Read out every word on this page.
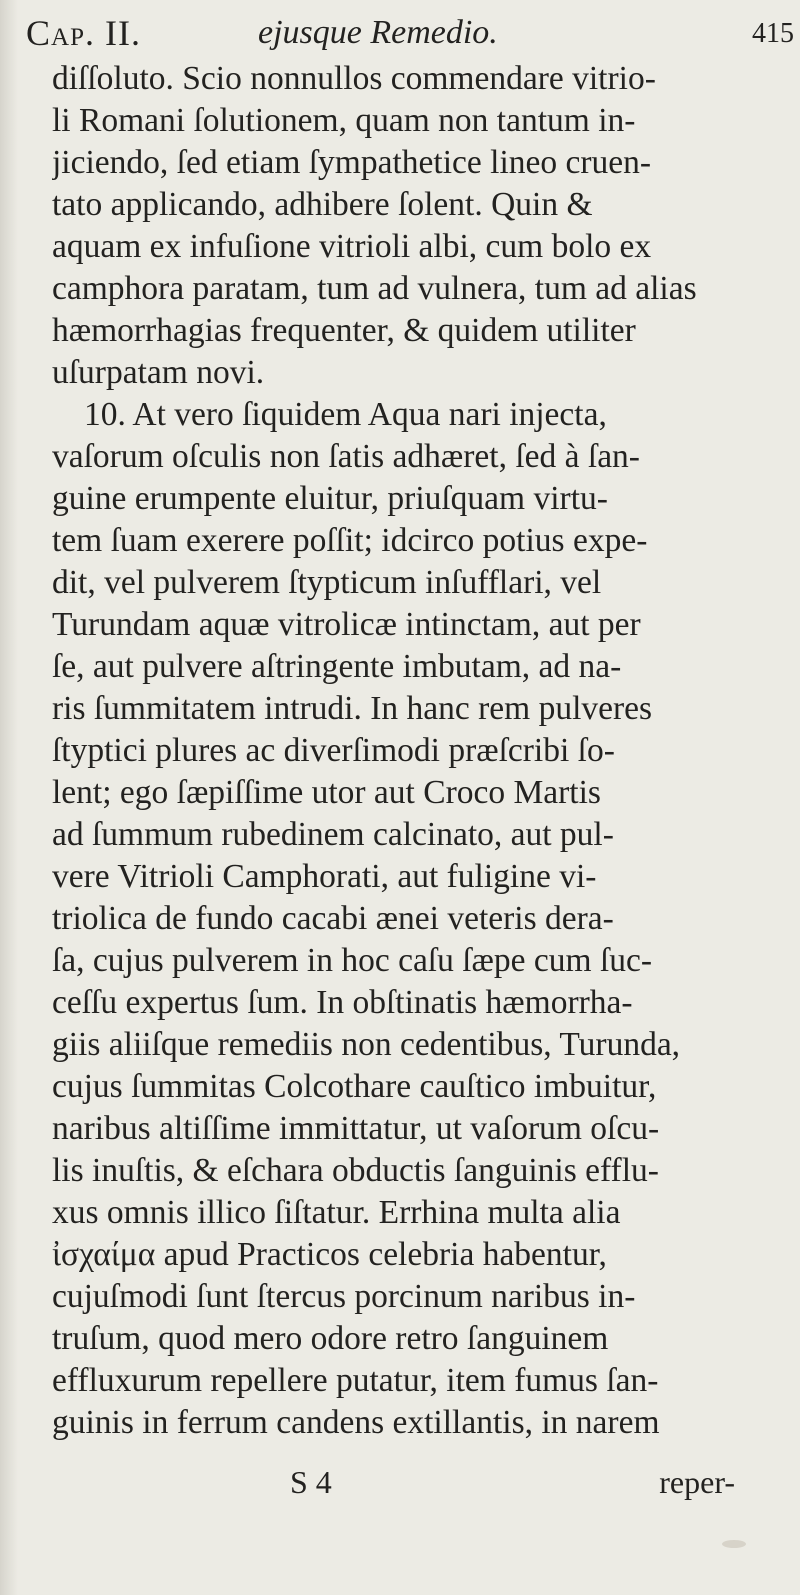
Cap. II.	ejusque Remedio.	415
diſſoluto. Scio nonnullos commendare vitrio-
li Romani ſolutionem, quam non tantum in-
jiciendo, ſed etiam ſympathetice lineo cruen-
tato applicando, adhibere ſolent. Quin &
aquam ex infuſione vitrioli albi, cum bolo ex
camphora paratam, tum ad vulnera, tum ad alias
hæmorrhagias frequenter, & quidem utiliter
uſurpatam novi.
10. At vero ſiquidem Aqua nari injecta,
vaſorum oſculis non ſatis adhæret, ſed à ſan-
guine erumpente eluitur, priuſquam virtu-
tem ſuam exerere poſſit; idcirco potius expe-
dit, vel pulverem ſtypticum inſufflari, vel
Turundam aquæ vitrolicæ intinctam, aut per
ſe, aut pulvere aſtringente imbutam, ad na-
ris ſummitatem intrudi. In hanc rem pulveres
ſtyptici plures ac diverſimodi præſcribi ſo-
lent; ego ſæpiſſime utor aut Croco Martis
ad ſummum rubedinem calcinato, aut pul-
vere Vitrioli Camphorati, aut fuligine vi-
triolica de fundo cacabi ænei veteris dera-
ſa, cujus pulverem in hoc caſu ſæpe cum ſuc-
ceſſu expertus ſum. In obſtinatis hæmorrha-
giis aliiſque remediis non cedentibus, Turunda,
cujus ſummitas Colcothare cauſtico imbuitur,
naribus altiſſime immittatur, ut vaſorum oſcu-
lis inuſtis, & eſchara obductis ſanguinis efflu-
xus omnis illico ſiſtatur. Errhina multa alia
ἰσχαίμα apud Practicos celebria habentur,
cujuſmodi ſunt ſtercus porcinum naribus in-
truſum, quod mero odore retro ſanguinem
effluxurum repellere putatur, item fumus ſan-
guinis in ferrum candens extillantis, in narem
S 4	reper-
